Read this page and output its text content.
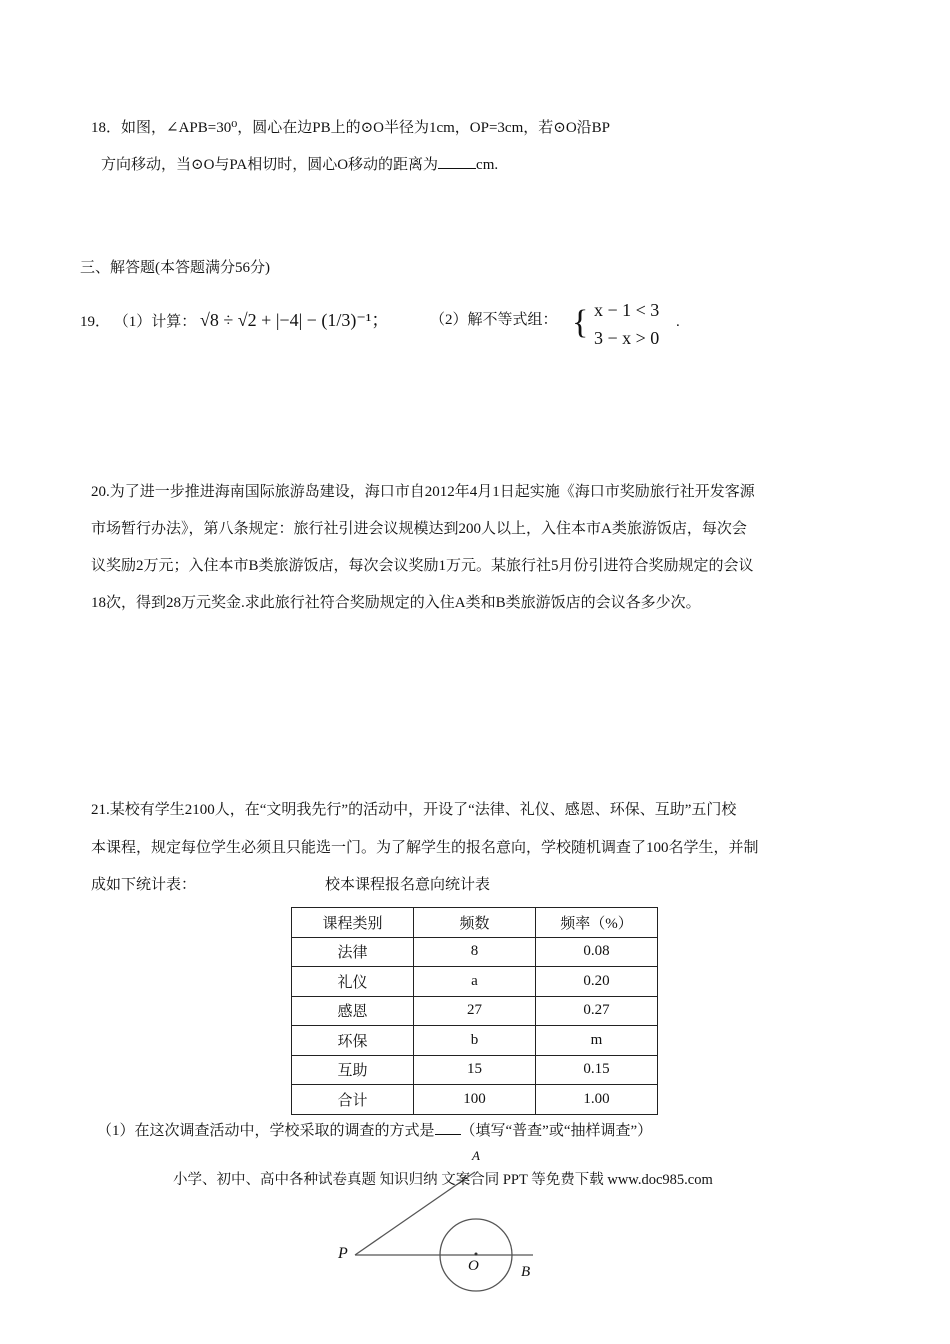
18．如图，∠APB=30⁰，圆心在边PB上的⊙O半径为1cm，OP=3cm，若⊙O沿BP
方向移动，当⊙O与PA相切时，圆心O移动的距离为	cm.
三、解答题(本答题满分56分)
19． （1）计算： √8 ÷ √2 + |−4| − (1/3)⁻¹；	（2）解不等式组： { x − 1 < 3
3 − x > 0
.
20.为了进一步推进海南国际旅游岛建设，海口市自2012年4月1日起实施《海口市奖励旅行社开发客源
市场暂行办法》，第八条规定：旅行社引进会议规模达到200人以上，入住本市A类旅游饭店，每次会
议奖励2万元；入住本市B类旅游饭店，每次会议奖励1万元。某旅行社5月份引进符合奖励规定的会议
18次，得到28万元奖金.求此旅行社符合奖励规定的入住A类和B类旅游饭店的会议各多少次。
21.某校有学生2100人，在“文明我先行”的活动中，开设了“法律、礼仪、感恩、环保、互助”五门校
本课程，规定每位学生必须且只能选一门。为了解学生的报名意向，学校随机调查了100名学生，并制
成如下统计表：	校本课程报名意向统计表
课程类别	频数	频率（%）
法律	8	0.08
礼仪	a	0.20
感恩	27	0.27
环保	b	m
互助	15	0.15
合计	100	1.00
（1）在这次调查活动中，学校采取的调查的方式是 （填写“普查”或“抽样调查”）
P
A
O	B
小学、初中、高中各种试卷真题 知识归纳 文案合同 PPT 等免费下载 www.doc985.com
